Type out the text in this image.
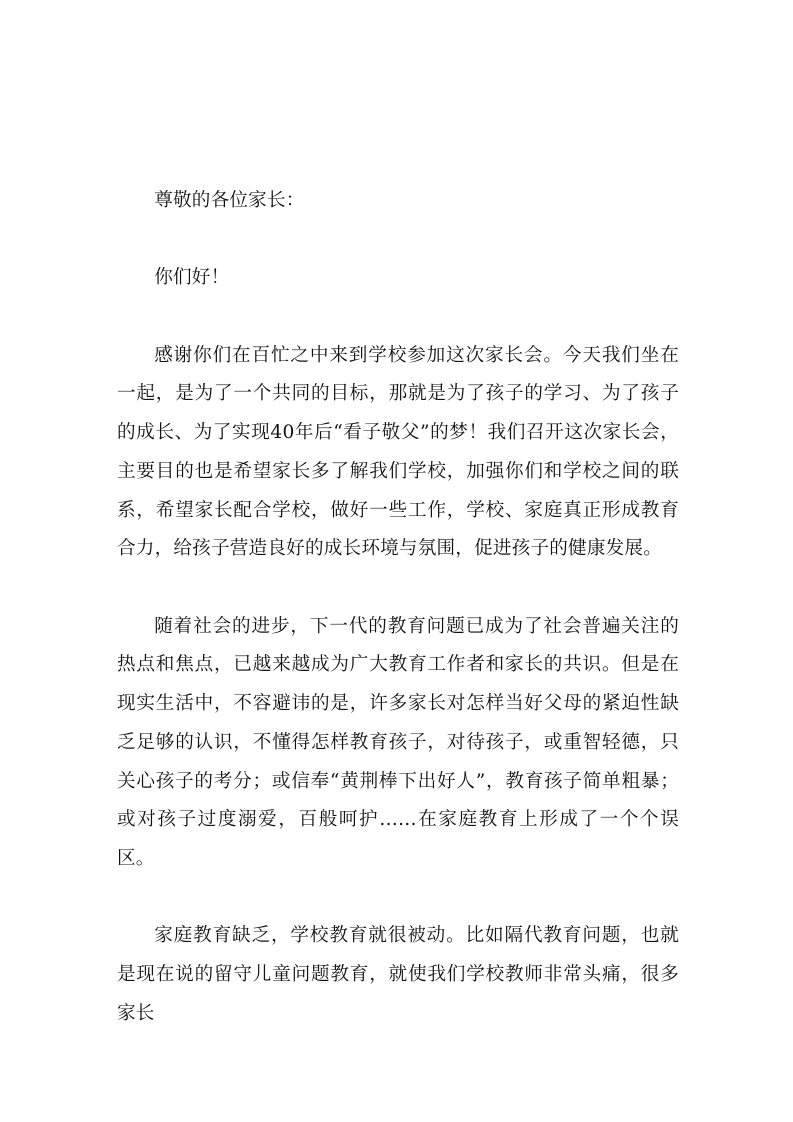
尊敬的各位家长：

你们好！

感谢你们在百忙之中来到学校参加这次家长会。今天我们坐在一起，是为了一个共同的目标，那就是为了孩子的学习、为了孩子的成长、为了实现40年后“看子敬父”的梦！我们召开这次家长会，主要目的也是希望家长多了解我们学校，加强你们和学校之间的联系，希望家长配合学校，做好一些工作，学校、家庭真正形成教育合力，给孩子营造良好的成长环境与氛围，促进孩子的健康发展。

随着社会的进步，下一代的教育问题已成为了社会普遍关注的热点和焦点，已越来越成为广大教育工作者和家长的共识。但是在现实生活中，不容避讳的是，许多家长对怎样当好父母的紧迫性缺乏足够的认识，不懂得怎样教育孩子，对待孩子，或重智轻德，只关心孩子的考分；或信奉“黄荆棒下出好人”，教育孩子简单粗暴；或对孩子过度溺爱，百般呵护……在家庭教育上形成了一个个误区。

家庭教育缺乏，学校教育就很被动。比如隔代教育问题，也就是现在说的留守儿童问题教育，就使我们学校教师非常头痛，很多家长
